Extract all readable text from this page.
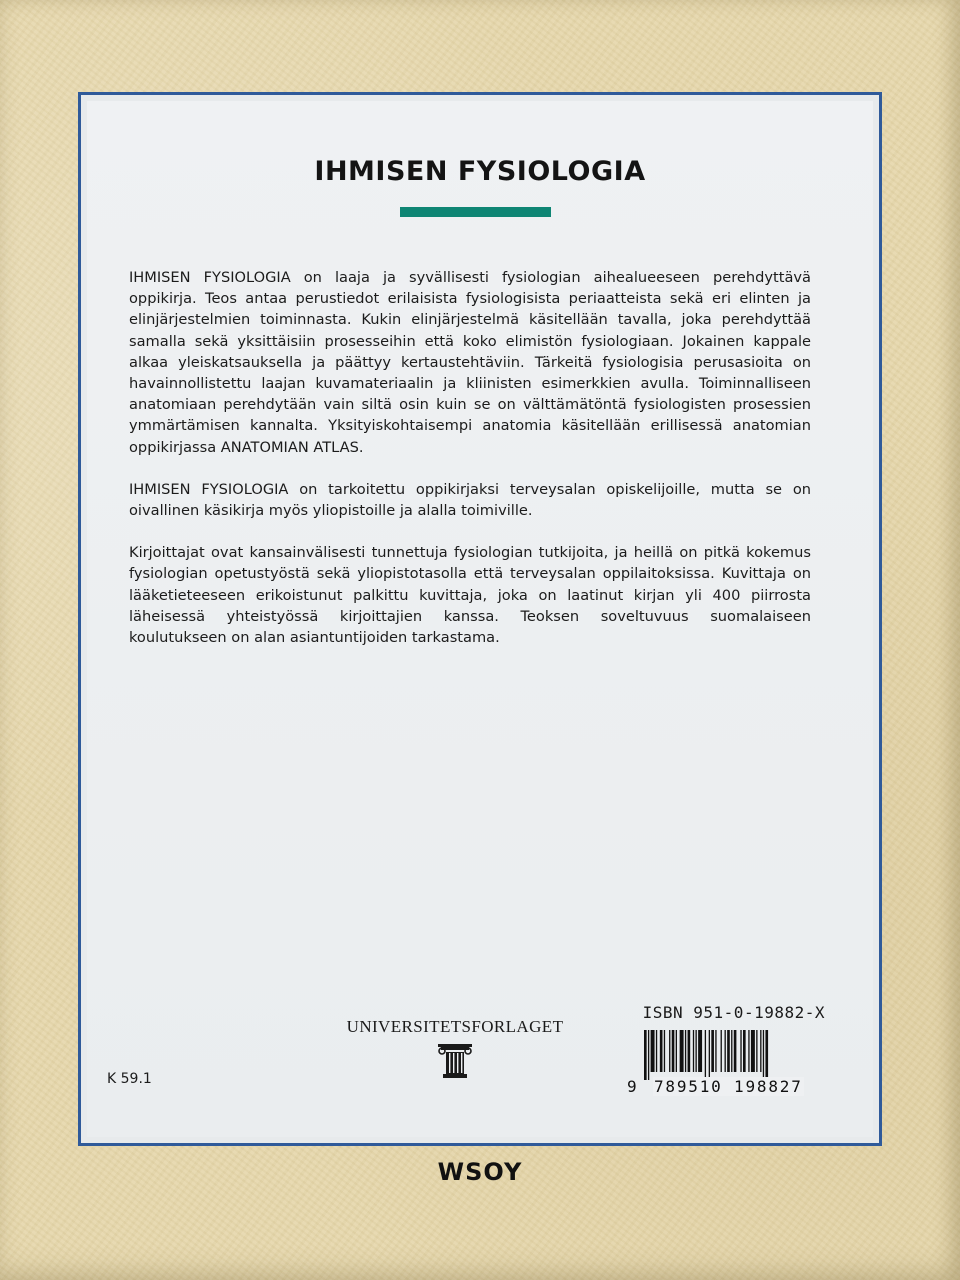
IHMISEN FYSIOLOGIA

IHMISEN FYSIOLOGIA on laaja ja syvällisesti fysiologian aihealueeseen perehdyttävä oppikirja. Teos antaa perustiedot erilaisista fysiologisista periaatteista sekä eri elinten ja elinjärjestelmien toiminnasta. Kukin elinjärjestelmä käsitellään tavalla, joka perehdyttää samalla sekä yksittäisiin prosesseihin että koko elimistön fysiologiaan. Jokainen kappale alkaa yleiskatsauksella ja päättyy kertaustehtäviin. Tärkeitä fysiologisia perusasioita on havainnollistettu laajan kuvamateriaalin ja kliinisten esimerkkien avulla. Toiminnalliseen anatomiaan perehdytään vain siltä osin kuin se on välttämätöntä fysiologisten prosessien ymmärtämisen kannalta. Yksityiskohtaisempi anatomia käsitellään erillisessä anatomian oppikirjassa ANATOMIAN ATLAS.

IHMISEN FYSIOLOGIA on tarkoitettu oppikirjaksi terveysalan opiskelijoille, mutta se on oivallinen käsikirja myös yliopistoille ja alalla toimiville.

Kirjoittajat ovat kansainvälisesti tunnettuja fysiologian tutkijoita, ja heillä on pitkä kokemus fysiologian opetustyöstä sekä yliopistotasolla että terveysalan oppilaitoksissa. Kuvittaja on lääketieteeseen erikoistunut palkittu kuvittaja, joka on laatinut kirjan yli 400 piirrosta läheisessä yhteistyössä kirjoittajien kanssa. Teoksen soveltuvuus suomalaiseen koulutukseen on alan asiantuntijoiden tarkastama.

UNIVERSITETSFORLAGET
K 59.1
ISBN 951-0-19882-X
9 789510 198827
WSOY
